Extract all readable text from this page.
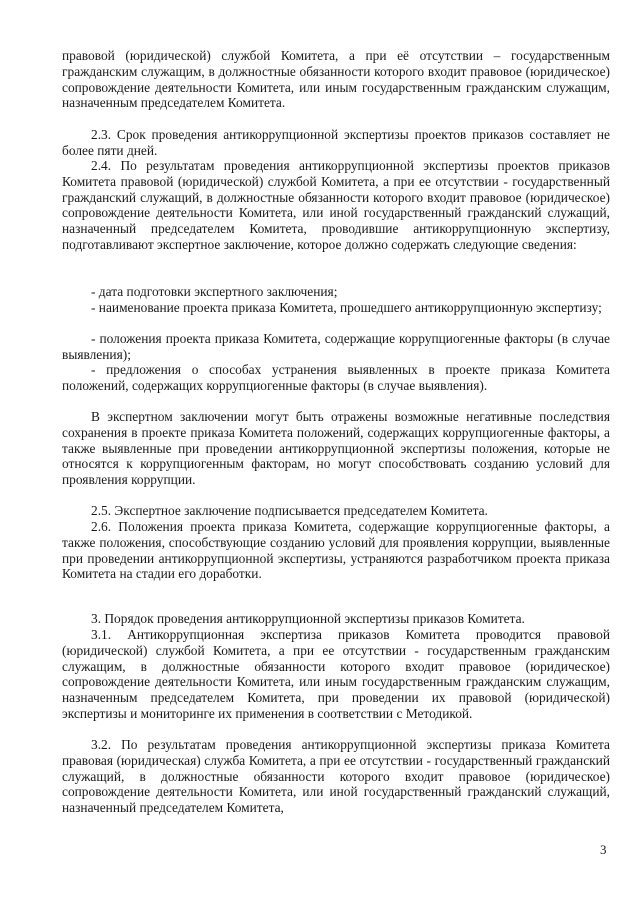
правовой (юридической) службой Комитета, а при её отсутствии – государственным гражданским служащим, в должностные обязанности которого входит правовое (юридическое) сопровождение деятельности Комитета, или иным государственным гражданским служащим, назначенным председателем Комитета.

2.3. Срок проведения антикоррупционной экспертизы проектов приказов составляет не более пяти дней.

2.4. По результатам проведения антикоррупционной экспертизы проектов приказов Комитета правовой (юридической) службой Комитета, а при ее отсутствии - государственный гражданский служащий, в должностные обязанности которого входит правовое (юридическое) сопровождение деятельности Комитета, или иной государственный гражданский служащий, назначенный председателем Комитета, проводившие антикоррупционную экспертизу, подготавливают экспертное заключение, которое должно содержать следующие сведения:

- дата подготовки экспертного заключения;

- наименование проекта приказа Комитета, прошедшего антикоррупционную экспертизу;

- положения проекта приказа Комитета, содержащие коррупциогенные факторы (в случае выявления);

- предложения о способах устранения выявленных в проекте приказа Комитета положений, содержащих коррупциогенные факторы (в случае выявления).

В экспертном заключении могут быть отражены возможные негативные последствия сохранения в проекте приказа Комитета положений, содержащих коррупциогенные факторы, а также выявленные при проведении антикоррупционной экспертизы положения, которые не относятся к коррупциогенным факторам, но могут способствовать созданию условий для проявления коррупции.

2.5. Экспертное заключение подписывается председателем Комитета.

2.6. Положения проекта приказа Комитета, содержащие коррупциогенные факторы, а также положения, способствующие созданию условий для проявления коррупции, выявленные при проведении антикоррупционной экспертизы, устраняются разработчиком проекта приказа Комитета на стадии его доработки.

3. Порядок проведения антикоррупционной экспертизы приказов Комитета.

3.1. Антикоррупционная экспертиза приказов Комитета проводится правовой (юридической) службой Комитета, а при ее отсутствии - государственным гражданским служащим, в должностные обязанности которого входит правовое (юридическое) сопровождение деятельности Комитета, или иным государственным гражданским служащим, назначенным председателем Комитета, при проведении их правовой (юридической) экспертизы и мониторинге их применения в соответствии с Методикой.

3.2. По результатам проведения антикоррупционной экспертизы приказа Комитета правовая (юридическая) служба Комитета, а при ее отсутствии - государственный гражданский служащий, в должностные обязанности которого входит правовое (юридическое) сопровождение деятельности Комитета, или иной государственный гражданский служащий, назначенный председателем Комитета,

3
